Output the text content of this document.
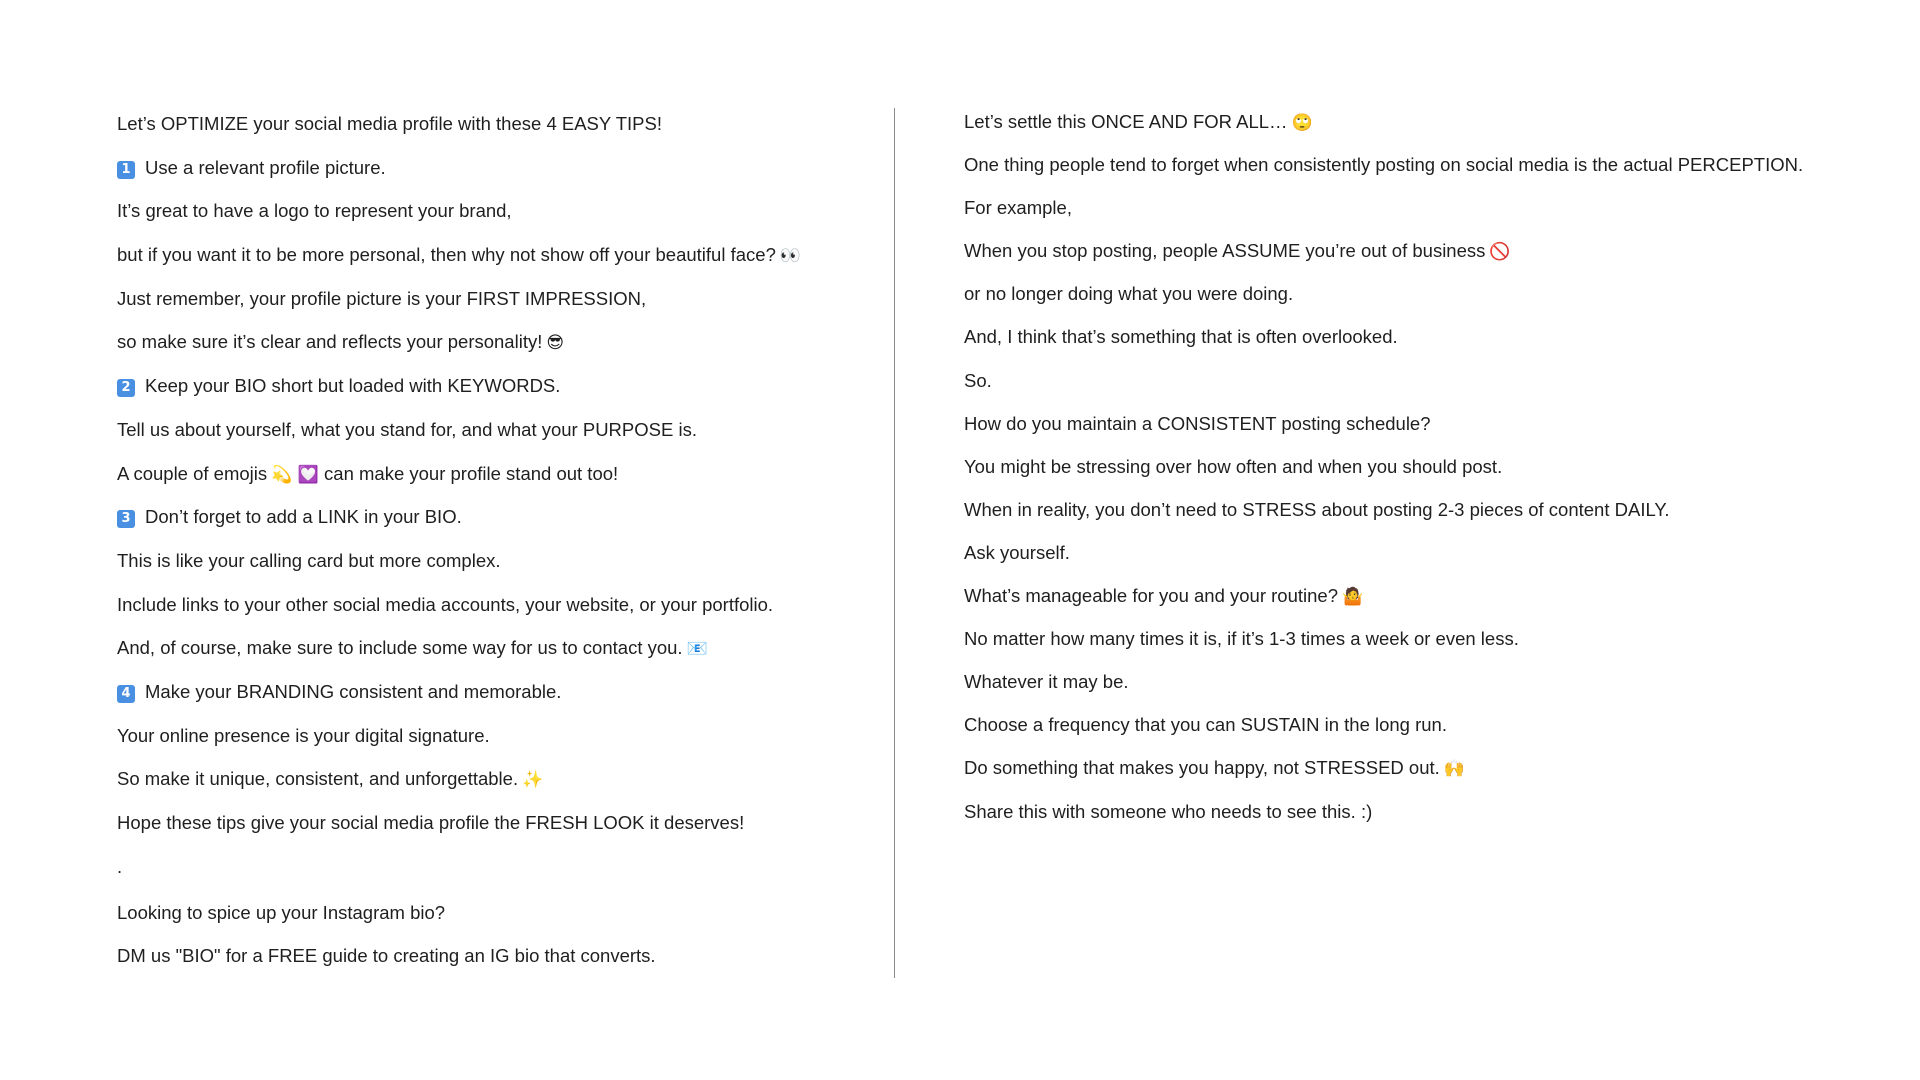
Let’s OPTIMIZE your social media profile with these 4 EASY TIPS!
1 Use a relevant profile picture.
It’s great to have a logo to represent your brand,
but if you want it to be more personal, then why not show off your beautiful face? 👀
Just remember, your profile picture is your FIRST IMPRESSION,
so make sure it’s clear and reflects your personality! 😎
2 Keep your BIO short but loaded with KEYWORDS.
Tell us about yourself, what you stand for, and what your PURPOSE is.
A couple of emojis 💫 💟 can make your profile stand out too!
3 Don’t forget to add a LINK in your BIO.
This is like your calling card but more complex.
Include links to your other social media accounts, your website, or your portfolio.
And, of course, make sure to include some way for us to contact you. 📧
4 Make your BRANDING consistent and memorable.
Your online presence is your digital signature.
So make it unique, consistent, and unforgettable. ✨
Hope these tips give your social media profile the FRESH LOOK it deserves!
.
Looking to spice up your Instagram bio?
DM us "BIO" for a FREE guide to creating an IG bio that converts.
Let’s settle this ONCE AND FOR ALL… 🙄
One thing people tend to forget when consistently posting on social media is the actual PERCEPTION.
For example,
When you stop posting, people ASSUME you’re out of business 🚫
or no longer doing what you were doing.
And, I think that’s something that is often overlooked.
So.
How do you maintain a CONSISTENT posting schedule?
You might be stressing over how often and when you should post.
When in reality, you don’t need to STRESS about posting 2-3 pieces of content DAILY.
Ask yourself.
What’s manageable for you and your routine? 🤷
No matter how many times it is, if it’s 1-3 times a week or even less.
Whatever it may be.
Choose a frequency that you can SUSTAIN in the long run.
Do something that makes you happy, not STRESSED out. 🙌
Share this with someone who needs to see this. :)
